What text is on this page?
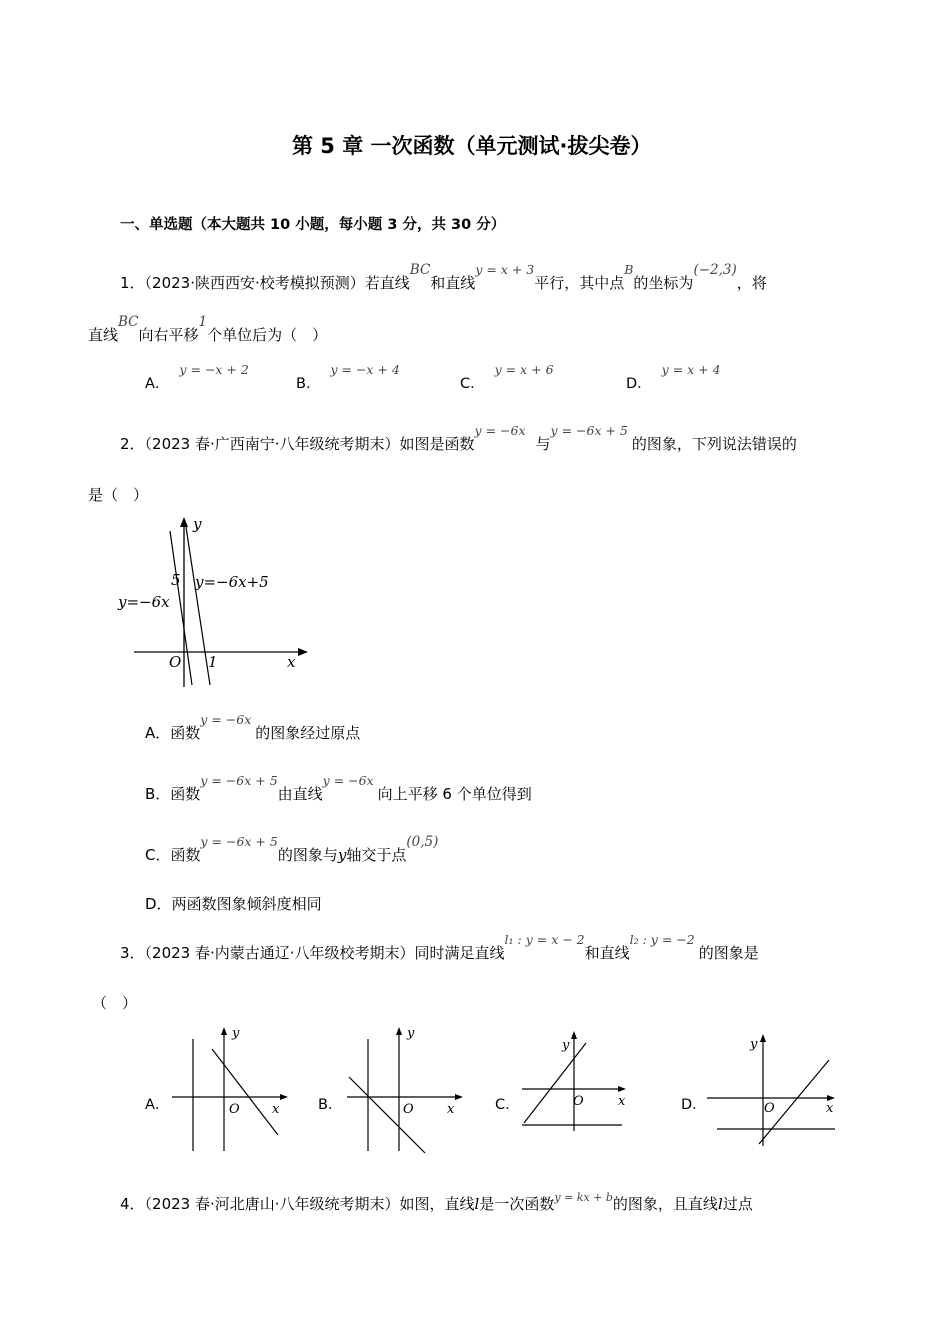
第 5 章 一次函数（单元测试·拔尖卷）
一、单选题（本大题共 10 小题，每小题 3 分，共 30 分）
1．（2023·陕西西安·校考模拟预测）若直线BC和直线$^{y = x + 3}$平行，其中点$^B$的坐标为(−2,3)，将
直线BC向右平移1个单位后为（　）
A．y = −x + 2
B．y = −x + 4
C．y = x + 6
D．y = x + 4
2．（2023 春·广西南宁·八年级统考期末）如图是函数$^{y = -6x}$与$^{y = -6x + 5}$的图象，下列说法错误的
是（　）
y
x
O
5
1
y=−6x
y=−6x+5
A．函数$^{y = -6x}$的图象经过原点
B．函数$^{y = -6x + 5}$由直线$^{y = -6x}$向上平移 6 个单位得到
C．函数$^{y = -6x + 5}$的图象与y轴交于点(0,5)
D．两函数图象倾斜度相同
3．（2023 春·内蒙古通辽·八年级校考期末）同时满足直线$^{l_1 : y = x - 2}$和直线$^{l_2 : y = -2}$的图象是
（　）
A．
y
x
O	B．
y
x
O	C．
y
x
O	D．
y
x
O
4．（2023 春·河北唐山·八年级统考期末）如图，直线l是一次函数$^{y = kx + b}$的图象，且直线l过点
